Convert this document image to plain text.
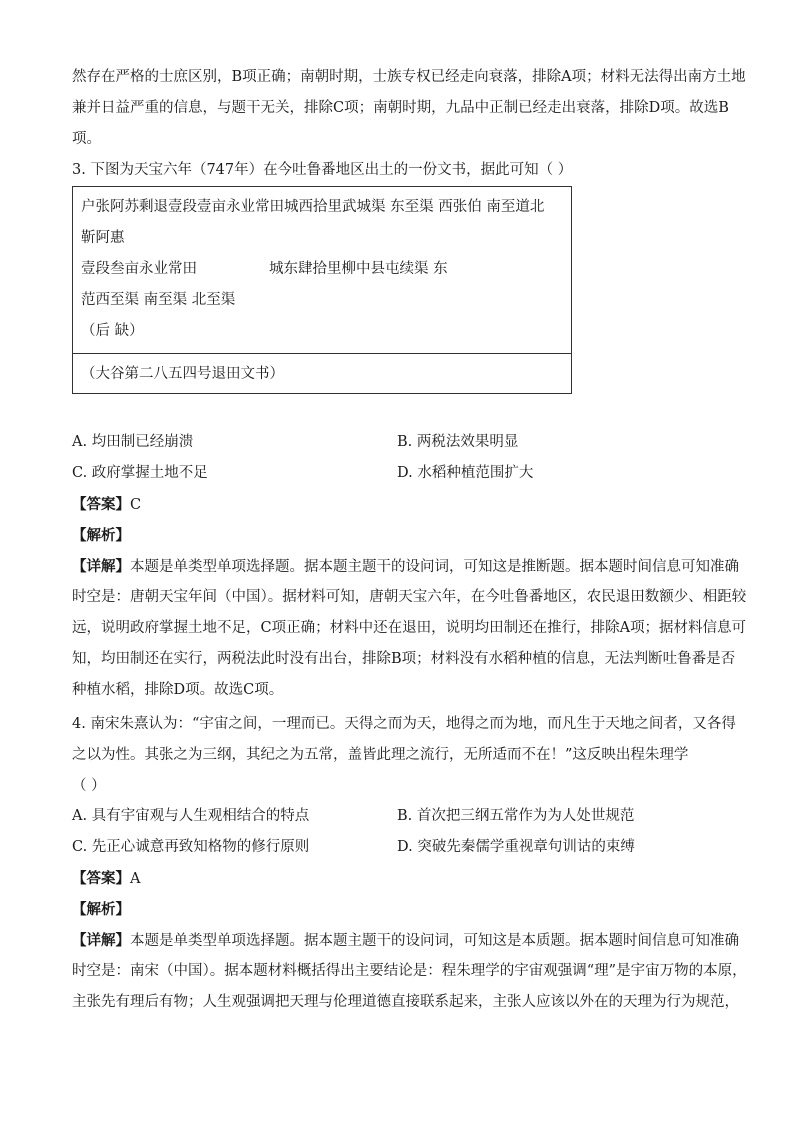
然存在严格的士庶区别，B项正确；南朝时期，士族专权已经走向衰落，排除A项；材料无法得出南方土地

兼并日益严重的信息，与题干无关，排除C项；南朝时期，九品中正制已经走出衰落，排除D项。故选B

项。

3. 下图为天宝六年（747年）在今吐鲁番地区出土的一份文书，据此可知（ ）

户张阿苏剩退壹段壹亩永业常田城西拾里武城渠 东至渠 西张伯 南至道北
靳阿惠
壹段叁亩永业常田	城东肆拾里柳中县屯续渠 东
范西至渠 南至渠 北至渠
（后 缺）
（大谷第二八五四号退田文书）

A. 均田制已经崩溃	B. 两税法效果明显

C. 政府掌握土地不足	D. 水稻种植范围扩大

【答案】C

【解析】

【详解】本题是单类型单项选择题。据本题主题干的设问词，可知这是推断题。据本题时间信息可知准确

时空是：唐朝天宝年间（中国）。据材料可知，唐朝天宝六年，在今吐鲁番地区，农民退田数额少、相距较

远，说明政府掌握土地不足，C项正确；材料中还在退田，说明均田制还在推行，排除A项；据材料信息可

知，均田制还在实行，两税法此时没有出台，排除B项；材料没有水稻种植的信息，无法判断吐鲁番是否

种植水稻，排除D项。故选C项。

4. 南宋朱熹认为：“宇宙之间，一理而已。天得之而为天，地得之而为地，而凡生于天地之间者，又各得

之以为性。其张之为三纲，其纪之为五常，盖皆此理之流行，无所适而不在！”这反映出程朱理学

（ ）

A. 具有宇宙观与人生观相结合的特点	B. 首次把三纲五常作为为人处世规范

C. 先正心诚意再致知格物的修行原则	D. 突破先秦儒学重视章句训诂的束缚

【答案】A

【解析】

【详解】本题是单类型单项选择题。据本题主题干的设问词，可知这是本质题。据本题时间信息可知准确

时空是：南宋（中国）。据本题材料概括得出主要结论是：程朱理学的宇宙观强调“理”是宇宙万物的本原，

主张先有理后有物；人生观强调把天理与伦理道德直接联系起来，主张人应该以外在的天理为行为规范，
